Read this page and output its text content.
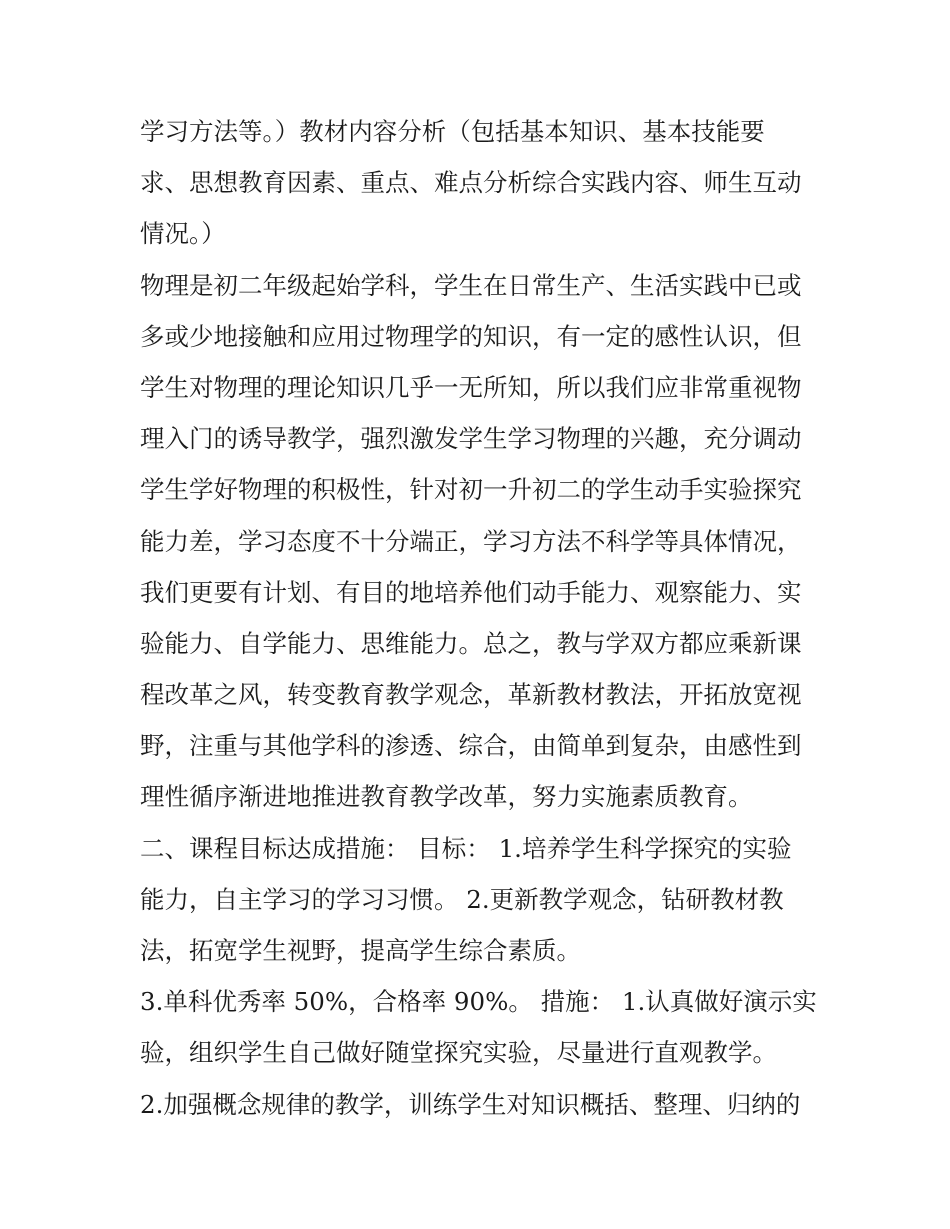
学习方法等。）教材内容分析（包括基本知识、基本技能要
求、思想教育因素、重点、难点分析综合实践内容、师生互动
情况。）
物理是初二年级起始学科，学生在日常生产、生活实践中已或
多或少地接触和应用过物理学的知识，有一定的感性认识，但
学生对物理的理论知识几乎一无所知，所以我们应非常重视物
理入门的诱导教学，强烈激发学生学习物理的兴趣，充分调动
学生学好物理的积极性，针对初一升初二的学生动手实验探究
能力差，学习态度不十分端正，学习方法不科学等具体情况，
我们更要有计划、有目的地培养他们动手能力、观察能力、实
验能力、自学能力、思维能力。总之，教与学双方都应乘新课
程改革之风，转变教育教学观念，革新教材教法，开拓放宽视
野，注重与其他学科的渗透、综合，由简单到复杂，由感性到
理性循序渐进地推进教育教学改革，努力实施素质教育。
二、课程目标达成措施： 目标： 1.培养学生科学探究的实验
能力，自主学习的学习习惯。 2.更新教学观念，钻研教材教
法，拓宽学生视野，提高学生综合素质。
3.单科优秀率 50%，合格率 90%。 措施： 1.认真做好演示实
验，组织学生自己做好随堂探究实验，尽量进行直观教学。
2.加强概念规律的教学，训练学生对知识概括、整理、归纳的
